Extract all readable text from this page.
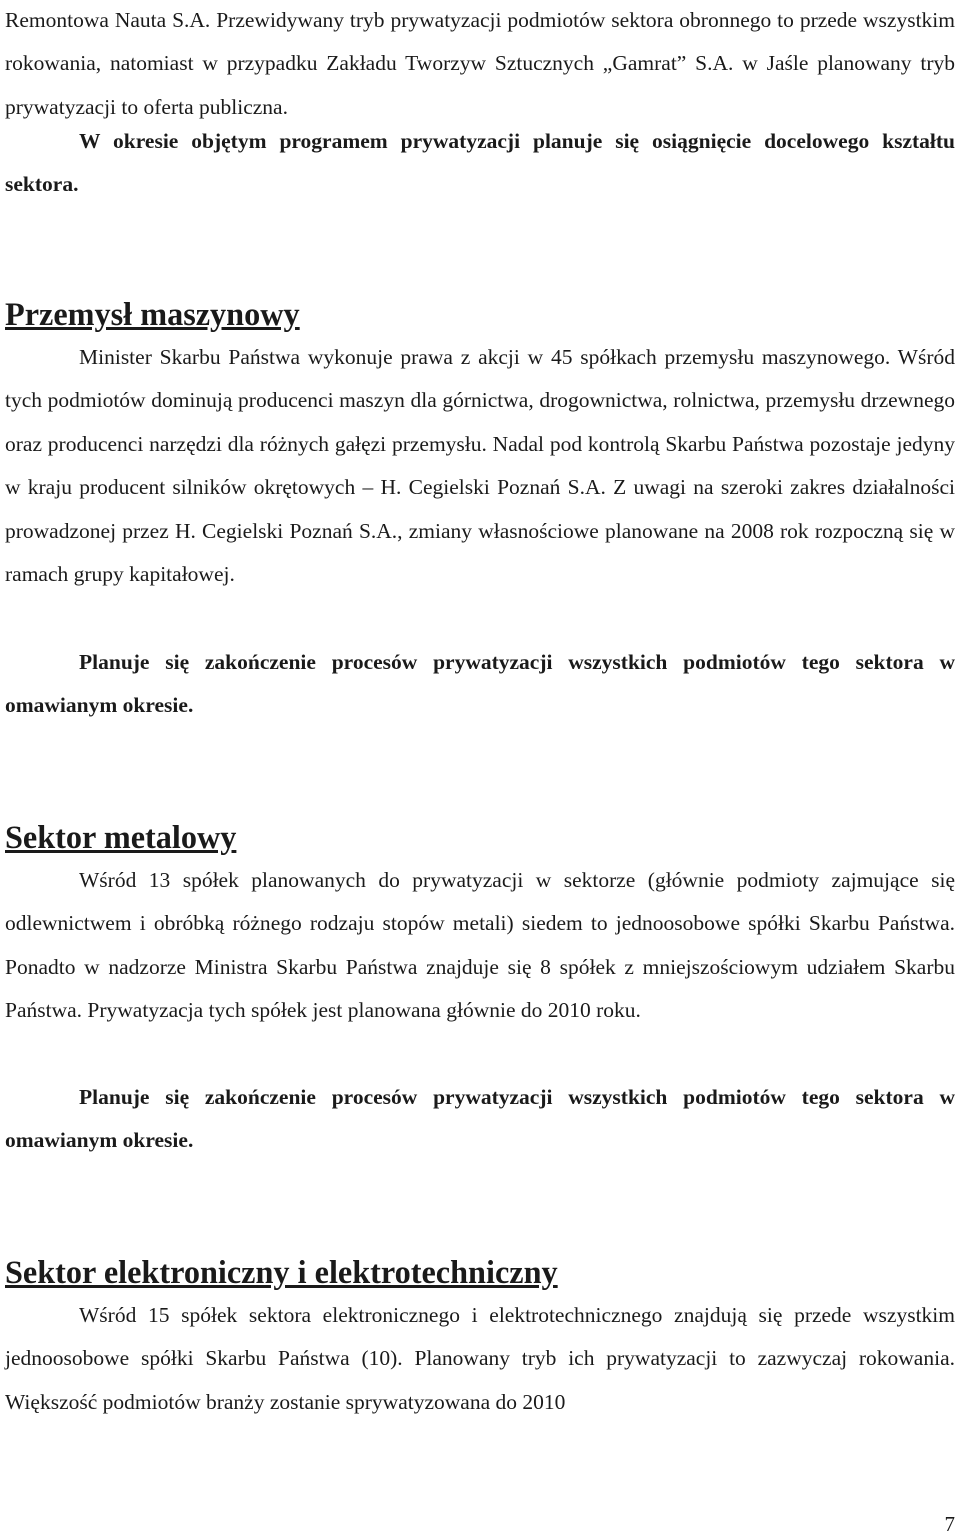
Remontowa Nauta S.A. Przewidywany tryb prywatyzacji podmiotów sektora obronnego to przede wszystkim rokowania, natomiast w przypadku Zakładu Tworzyw Sztucznych „Gamrat” S.A. w Jaśle planowany tryb prywatyzacji to oferta publiczna.

W okresie objętym programem prywatyzacji planuje się osiągnięcie docelowego kształtu sektora.

Przemysł maszynowy

Minister Skarbu Państwa wykonuje prawa z akcji w 45 spółkach przemysłu maszynowego. Wśród tych podmiotów dominują producenci maszyn dla górnictwa, drogownictwa, rolnictwa, przemysłu drzewnego oraz producenci narzędzi dla różnych gałęzi przemysłu. Nadal pod kontrolą Skarbu Państwa pozostaje jedyny w kraju producent silników okrętowych – H. Cegielski Poznań S.A. Z uwagi na szeroki zakres działalności prowadzonej przez H. Cegielski Poznań S.A., zmiany własnościowe planowane na 2008 rok rozpoczną się w ramach grupy kapitałowej.

Planuje się zakończenie procesów prywatyzacji wszystkich podmiotów tego sektora w omawianym okresie.

Sektor metalowy

Wśród 13 spółek planowanych do prywatyzacji w sektorze (głównie podmioty zajmujące się odlewnictwem i obróbką różnego rodzaju stopów metali) siedem to jednoosobowe spółki Skarbu Państwa. Ponadto w nadzorze Ministra Skarbu Państwa znajduje się 8 spółek z mniejszościowym udziałem Skarbu Państwa. Prywatyzacja tych spółek jest planowana głównie do 2010 roku.

Planuje się zakończenie procesów prywatyzacji wszystkich podmiotów tego sektora w omawianym okresie.

Sektor elektroniczny i elektrotechniczny

Wśród 15 spółek sektora elektronicznego i elektrotechnicznego znajdują się przede wszystkim jednoosobowe spółki Skarbu Państwa (10). Planowany tryb ich prywatyzacji to zazwyczaj rokowania. Większość podmiotów branży zostanie sprywatyzowana do 2010

7
